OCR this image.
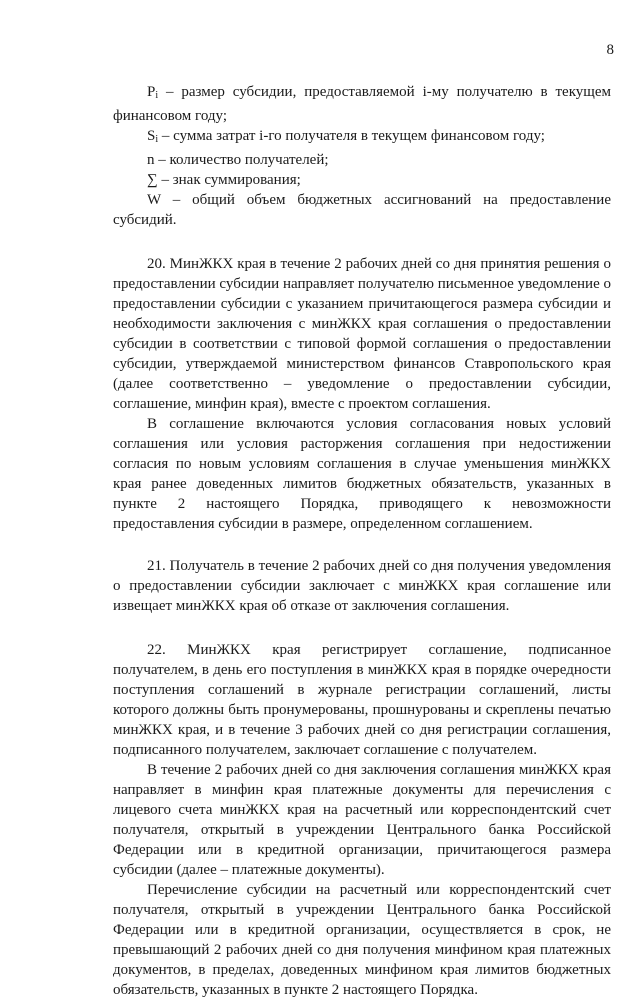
8

$P_i$ – размер субсидии, предоставляемой i-му получателю в текущем финансовом году;

$S_i$ – сумма затрат i-го получателя в текущем финансовом году;

n – количество получателей;

∑ – знак суммирования;

W – общий объем бюджетных ассигнований на предоставление субсидий.

20. МинЖКХ края в течение 2 рабочих дней со дня принятия решения о предоставлении субсидии направляет получателю письменное уведомление о предоставлении субсидии с указанием причитающегося размера субсидии и необходимости заключения с минЖКХ края соглашения о предоставлении субсидии в соответствии с типовой формой соглашения о предоставлении субсидии, утверждаемой министерством финансов Ставропольского края (далее соответственно – уведомление о предоставлении субсидии, соглашение, минфин края), вместе с проектом соглашения.

В соглашение включаются условия согласования новых условий соглашения или условия расторжения соглашения при недостижении согласия по новым условиям соглашения в случае уменьшения минЖКХ края ранее доведенных лимитов бюджетных обязательств, указанных в пункте 2 настоящего Порядка, приводящего к невозможности предоставления субсидии в размере, определенном соглашением.

21. Получатель в течение 2 рабочих дней со дня получения уведомления о предоставлении субсидии заключает с минЖКХ края соглашение или извещает минЖКХ края об отказе от заключения соглашения.

22. МинЖКХ края регистрирует соглашение, подписанное получателем, в день его поступления в минЖКХ края в порядке очередности поступления соглашений в журнале регистрации соглашений, листы которого должны быть пронумерованы, прошнурованы и скреплены печатью минЖКХ края, и в течение 3 рабочих дней со дня регистрации соглашения, подписанного получателем, заключает соглашение с получателем.

В течение 2 рабочих дней со дня заключения соглашения минЖКХ края направляет в минфин края платежные документы для перечисления с лицевого счета минЖКХ края на расчетный или корреспондентский счет получателя, открытый в учреждении Центрального банка Российской Федерации или в кредитной организации, причитающегося размера субсидии (далее – платежные документы).

Перечисление субсидии на расчетный или корреспондентский счет получателя, открытый в учреждении Центрального банка Российской Федерации или в кредитной организации, осуществляется в срок, не превышающий 2 рабочих дней со дня получения минфином края платежных документов, в пределах, доведенных минфином края лимитов бюджетных обязательств, указанных в пункте 2 настоящего Порядка.
